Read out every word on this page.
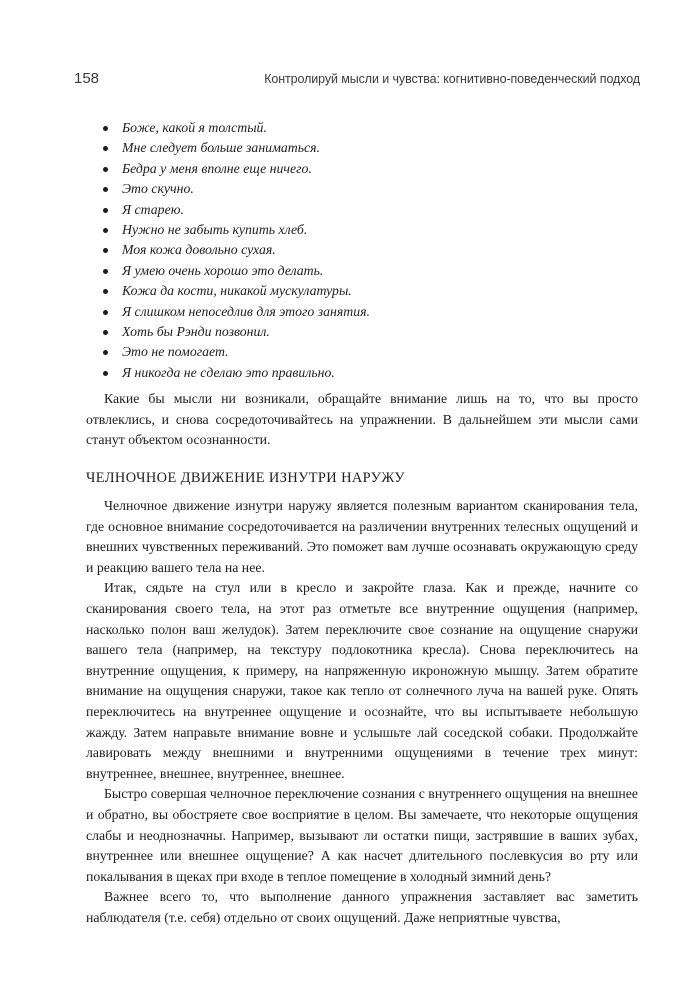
158	Контролируй мысли и чувства: когнитивно-поведенческий подход
Боже, какой я толстый.
Мне следует больше заниматься.
Бедра у меня вполне еще ничего.
Это скучно.
Я старею.
Нужно не забыть купить хлеб.
Моя кожа довольно сухая.
Я умею очень хорошо это делать.
Кожа да кости, никакой мускулатуры.
Я слишком непоседлив для этого занятия.
Хоть бы Рэнди позвонил.
Это не помогает.
Я никогда не сделаю это правильно.

Какие бы мысли ни возникали, обращайте внимание лишь на то, что вы просто отвлеклись, и снова сосредоточивайтесь на упражнении. В дальнейшем эти мысли сами станут объектом осознанности.

ЧЕЛНОЧНОЕ ДВИЖЕНИЕ ИЗНУТРИ НАРУЖУ

Челночное движение изнутри наружу является полезным вариантом сканирования тела, где основное внимание сосредоточивается на различении внутренних телесных ощущений и внешних чувственных переживаний. Это поможет вам лучше осознавать окружающую среду и реакцию вашего тела на нее.

Итак, сядьте на стул или в кресло и закройте глаза. Как и прежде, начните со сканирования своего тела, на этот раз отметьте все внутренние ощущения (например, насколько полон ваш желудок). Затем переключите свое сознание на ощущение снаружи вашего тела (например, на текстуру подлокотника кресла). Снова переключитесь на внутренние ощущения, к примеру, на напряженную икроножную мышцу. Затем обратите внимание на ощущения снаружи, такое как тепло от солнечного луча на вашей руке. Опять переключитесь на внутреннее ощущение и осознайте, что вы испытываете небольшую жажду. Затем направьте внимание вовне и услышьте лай соседской собаки. Продолжайте лавировать между внешними и внутренними ощущениями в течение трех минут: внутреннее, внешнее, внутреннее, внешнее.

Быстро совершая челночное переключение сознания с внутреннего ощущения на внешнее и обратно, вы обостряете свое восприятие в целом. Вы замечаете, что некоторые ощущения слабы и неоднозначны. Например, вызывают ли остатки пищи, застрявшие в ваших зубах, внутреннее или внешнее ощущение? А как насчет длительного послевкусия во рту или покалывания в щеках при входе в теплое помещение в холодный зимний день?

Важнее всего то, что выполнение данного упражнения заставляет вас заметить наблюдателя (т.е. себя) отдельно от своих ощущений. Даже неприятные чувства,
